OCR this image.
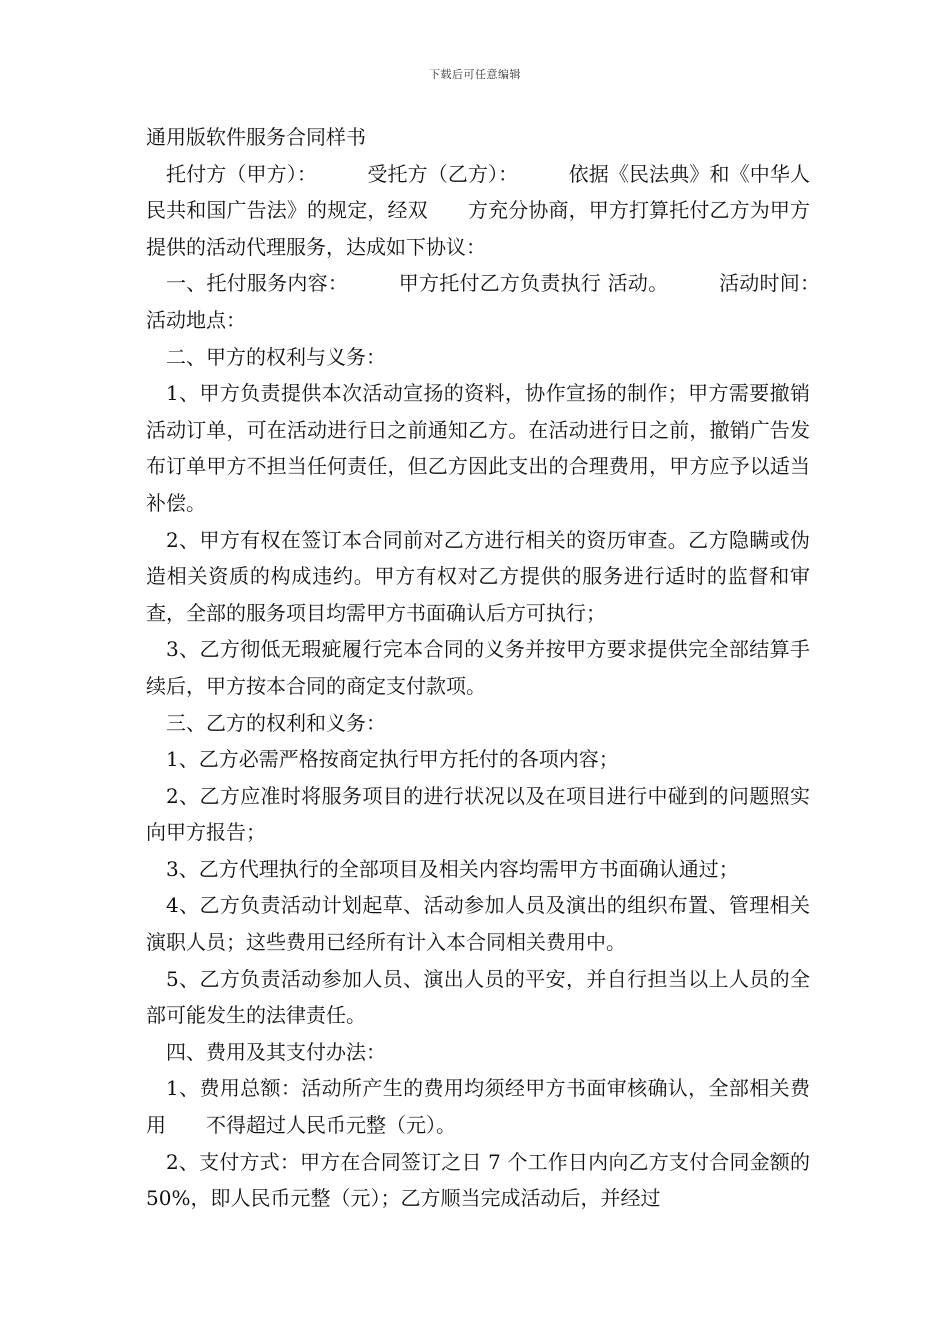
下载后可任意编辑

通用版软件服务合同样书

托付方（甲方）：　　　受托方（乙方）：　　　依据《民法典》和《中华人民共和国广告法》的规定，经双　　方充分协商，甲方打算托付乙方为甲方提供的活动代理服务，达成如下协议：

一、托付服务内容：　　　甲方托付乙方负责执行 活动。　　　活动时间：　　　活动地点：

二、甲方的权利与义务：

1、甲方负责提供本次活动宣扬的资料，协作宣扬的制作；甲方需要撤销活动订单，可在活动进行日之前通知乙方。在活动进行日之前，撤销广告发布订单甲方不担当任何责任，但乙方因此支出的合理费用，甲方应予以适当补偿。

2、甲方有权在签订本合同前对乙方进行相关的资历审查。乙方隐瞒或伪造相关资质的构成违约。甲方有权对乙方提供的服务进行适时的监督和审查，全部的服务项目均需甲方书面确认后方可执行；

3、乙方彻低无瑕疵履行完本合同的义务并按甲方要求提供完全部结算手续后，甲方按本合同的商定支付款项。

三、乙方的权利和义务：

1、乙方必需严格按商定执行甲方托付的各项内容；

2、乙方应准时将服务项目的进行状况以及在项目进行中碰到的问题照实向甲方报告；

3、乙方代理执行的全部项目及相关内容均需甲方书面确认通过；

4、乙方负责活动计划起草、活动参加人员及演出的组织布置、管理相关演职人员；这些费用已经所有计入本合同相关费用中。

5、乙方负责活动参加人员、演出人员的平安，并自行担当以上人员的全部可能发生的法律责任。

四、费用及其支付办法：

1、费用总额：活动所产生的费用均须经甲方书面审核确认，全部相关费用　　不得超过人民币元整（元）。

2、支付方式：甲方在合同签订之日 7 个工作日内向乙方支付合同金额的 50%，即人民币元整（元）；乙方顺当完成活动后，并经过
